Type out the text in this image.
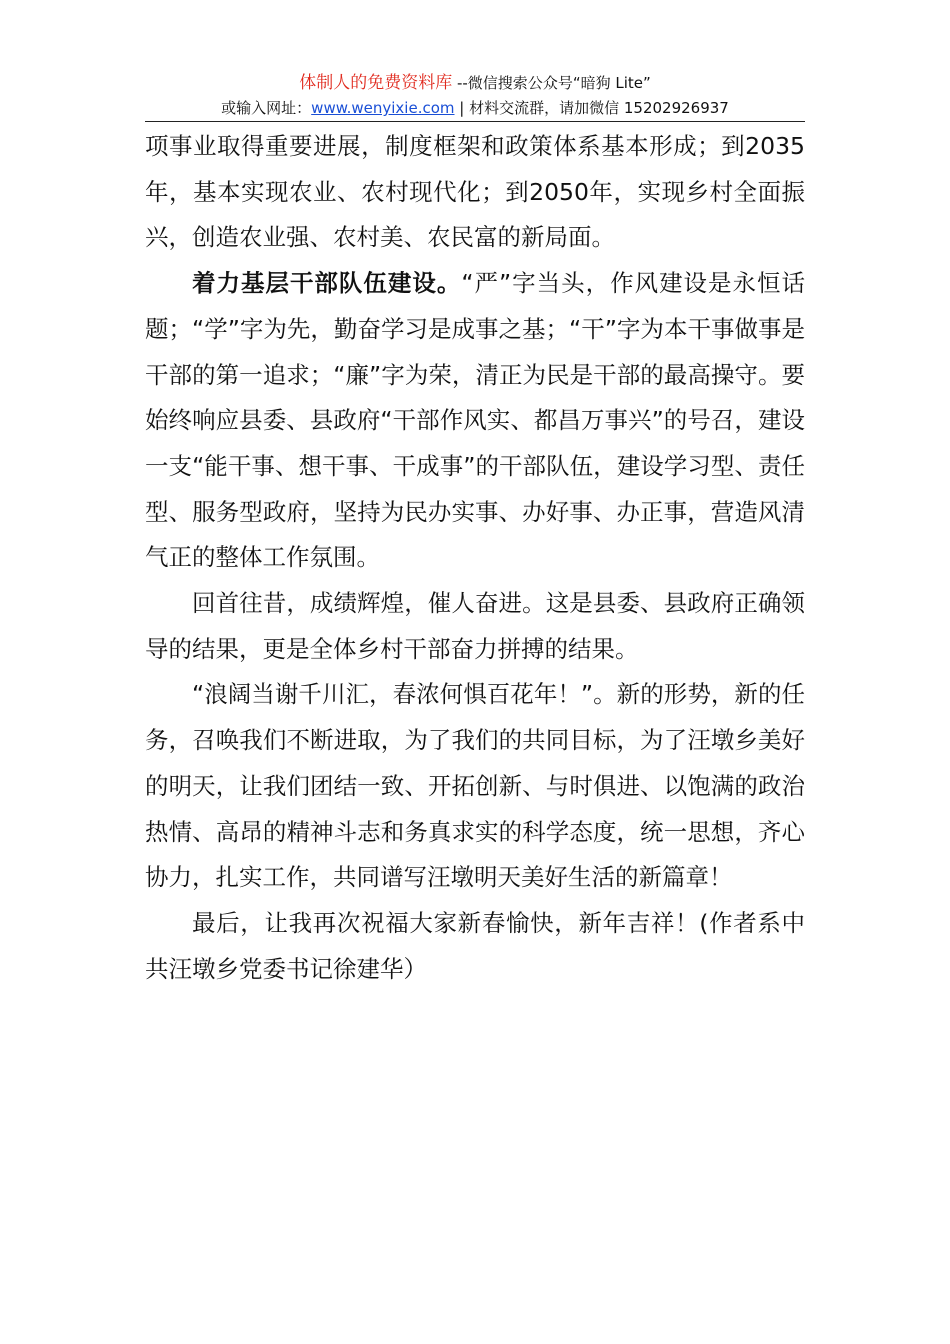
体制人的免费资料库 --微信搜索公众号“暗狗 Lite”
或输入网址：www.wenyixie.com | 材料交流群，请加微信 15202926937

项事业取得重要进展，制度框架和政策体系基本形成；到2035年，基本实现农业、农村现代化；到2050年，实现乡村全面振兴，创造农业强、农村美、农民富的新局面。

着力基层干部队伍建设。“严”字当头，作风建设是永恒话题；“学”字为先，勤奋学习是成事之基；“干”字为本干事做事是干部的第一追求；“廉”字为荣，清正为民是干部的最高操守。要始终响应县委、县政府“干部作风实、都昌万事兴”的号召，建设一支“能干事、想干事、干成事”的干部队伍，建设学习型、责任型、服务型政府，坚持为民办实事、办好事、办正事，营造风清气正的整体工作氛围。

回首往昔，成绩辉煌，催人奋进。这是县委、县政府正确领导的结果，更是全体乡村干部奋力拼搏的结果。

“浪阔当谢千川汇，春浓何惧百花年！”。新的形势，新的任务，召唤我们不断进取，为了我们的共同目标，为了汪墩乡美好的明天，让我们团结一致、开拓创新、与时俱进、以饱满的政治热情、高昂的精神斗志和务真求实的科学态度，统一思想，齐心协力，扎实工作，共同谱写汪墩明天美好生活的新篇章！

最后，让我再次祝福大家新春愉快，新年吉祥！(作者系中共汪墩乡党委书记徐建华）
